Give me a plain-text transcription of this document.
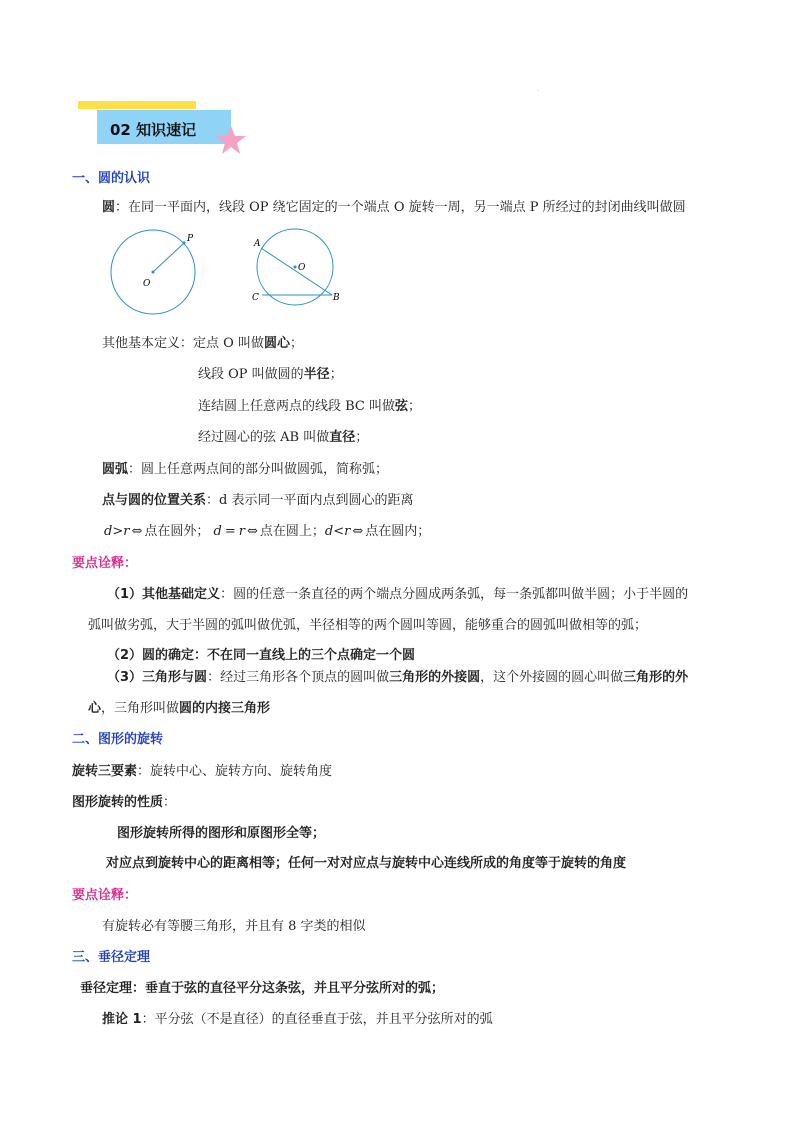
.
02 知识速记
一、圆的认识
圆：在同一平面内，线段 OP 绕它固定的一个端点 O 旋转一周，另一端点 P 所经过的封闭曲线叫做圆
O
P	A
O
B
C
其他基本定义：定点 O 叫做圆心；
线段 OP 叫做圆的半径；
连结圆上任意两点的线段 BC 叫做弦；
经过圆心的弦 AB 叫做直径；
圆弧：圆上任意两点间的部分叫做圆弧，简称弧；
点与圆的位置关系：d 表示同一平面内点到圆心的距离
d>r ⇔ 点在圆外； d = r ⇔ 点在圆上；d<r ⇔ 点在圆内；
要点诠释：
（1）其他基础定义：圆的任意一条直径的两个端点分圆成两条弧，每一条弧都叫做半圆；小于半圆的
弧叫做劣弧，大于半圆的弧叫做优弧，半径相等的两个圆叫等圆，能够重合的圆弧叫做相等的弧；
（2）圆的确定：不在同一直线上的三个点确定一个圆
（3）三角形与圆：经过三角形各个顶点的圆叫做三角形的外接圆，这个外接圆的圆心叫做三角形的外
心，三角形叫做圆的内接三角形
二、图形的旋转
旋转三要素：旋转中心、旋转方向、旋转角度
图形旋转的性质：
图形旋转所得的图形和原图形全等；
对应点到旋转中心的距离相等；任何一对对应点与旋转中心连线所成的角度等于旋转的角度
要点诠释：
有旋转必有等腰三角形，并且有 8 字类的相似
三、垂径定理
垂径定理：垂直于弦的直径平分这条弦，并且平分弦所对的弧；
推论 1：平分弦（不是直径）的直径垂直于弦，并且平分弦所对的弧
